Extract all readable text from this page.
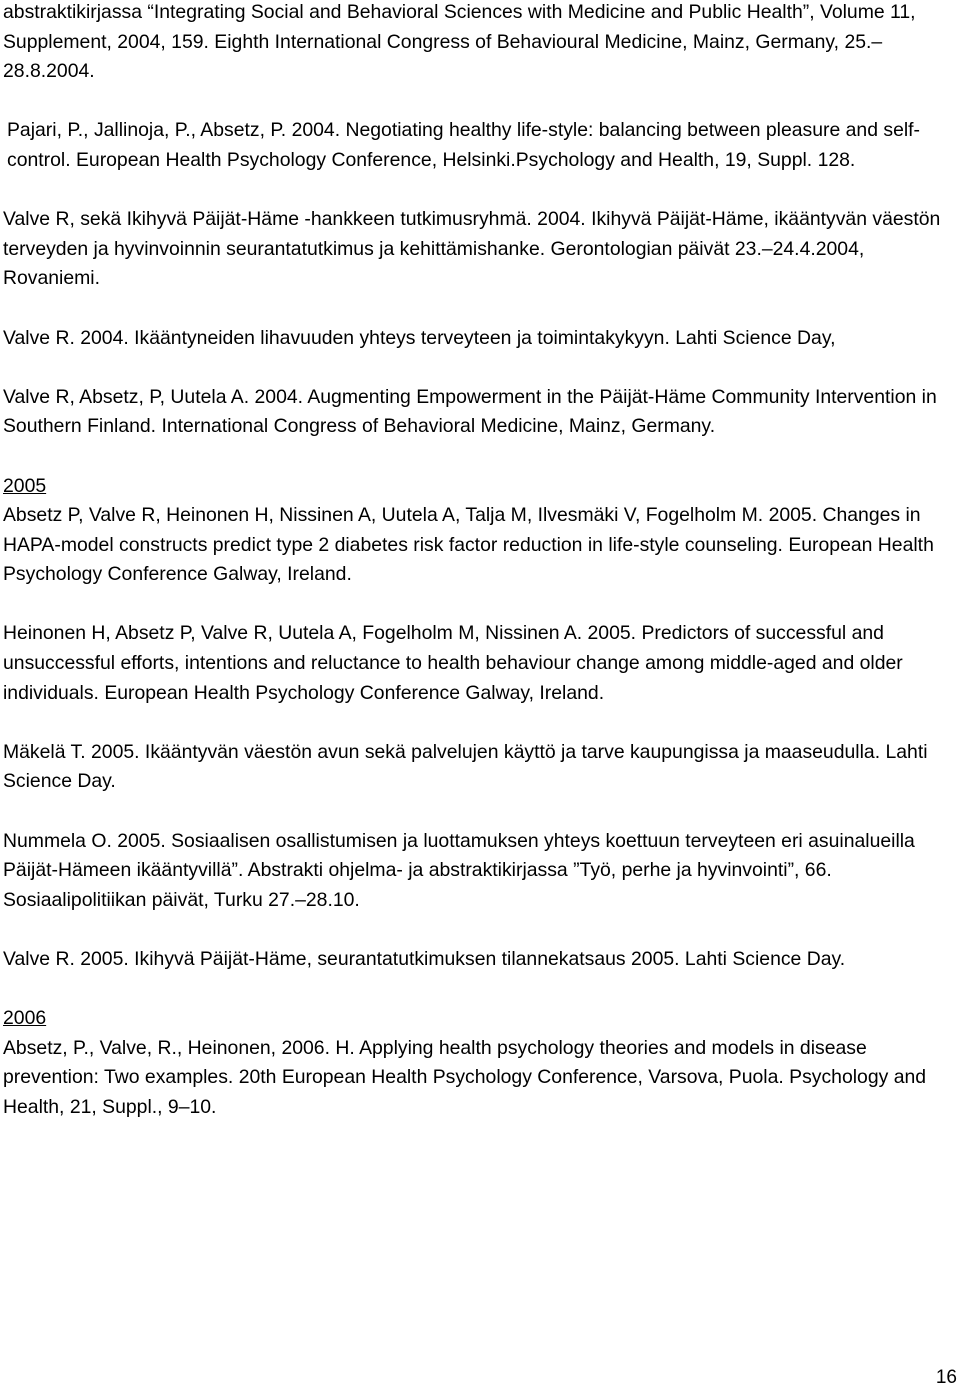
abstraktikirjassa “Integrating Social and Behavioral Sciences with Medicine and Public Health”, Volume 11, Supplement, 2004, 159. Eighth International Congress of Behavioural Medicine, Mainz, Germany, 25.–28.8.2004.

Pajari, P., Jallinoja, P., Absetz, P. 2004. Negotiating healthy life-style: balancing between pleasure and self-control. European Health Psychology Conference, Helsinki.Psychology and Health, 19, Suppl. 128.

Valve R, sekä Ikihyvä Päijät-Häme -hankkeen tutkimusryhmä. 2004. Ikihyvä Päijät-Häme, ikääntyvän väestön terveyden ja hyvinvoinnin seurantatutkimus ja kehittämishanke. Gerontologian päivät 23.–24.4.2004, Rovaniemi.

Valve R. 2004. Ikääntyneiden lihavuuden yhteys terveyteen ja toimintakykyyn. Lahti Science Day,

Valve R, Absetz, P, Uutela A. 2004. Augmenting Empowerment in the Päijät-Häme Community Intervention in Southern Finland. International Congress of Behavioral Medicine, Mainz, Germany.

2005

Absetz P, Valve R, Heinonen H, Nissinen A, Uutela A, Talja M, Ilvesmäki V, Fogelholm M. 2005. Changes in HAPA-model constructs predict type 2 diabetes risk factor reduction in life-style counseling. European Health Psychology Conference Galway, Ireland.

Heinonen H, Absetz P, Valve R, Uutela A, Fogelholm M, Nissinen A. 2005. Predictors of successful and unsuccessful efforts, intentions and reluctance to health behaviour change among middle-aged and older individuals. European Health Psychology Conference Galway, Ireland.

Mäkelä T. 2005. Ikääntyvän väestön avun sekä palvelujen käyttö ja tarve kaupungissa ja maaseudulla. Lahti Science Day.

Nummela O. 2005. Sosiaalisen osallistumisen ja luottamuksen yhteys koettuun terveyteen eri asuinalueilla Päijät-Hämeen ikääntyvillä”. Abstrakti ohjelma- ja abstraktikirjassa ”Työ, perhe ja hyvinvointi”, 66. Sosiaalipolitiikan päivät, Turku 27.–28.10.

Valve R. 2005. Ikihyvä Päijät-Häme, seurantatutkimuksen tilannekatsaus 2005. Lahti Science Day.

2006

Absetz, P., Valve, R., Heinonen, 2006. H. Applying health psychology theories and models in disease prevention: Two examples. 20th European Health Psychology Conference, Varsova, Puola. Psychology and Health, 21, Suppl., 9–10.

16
